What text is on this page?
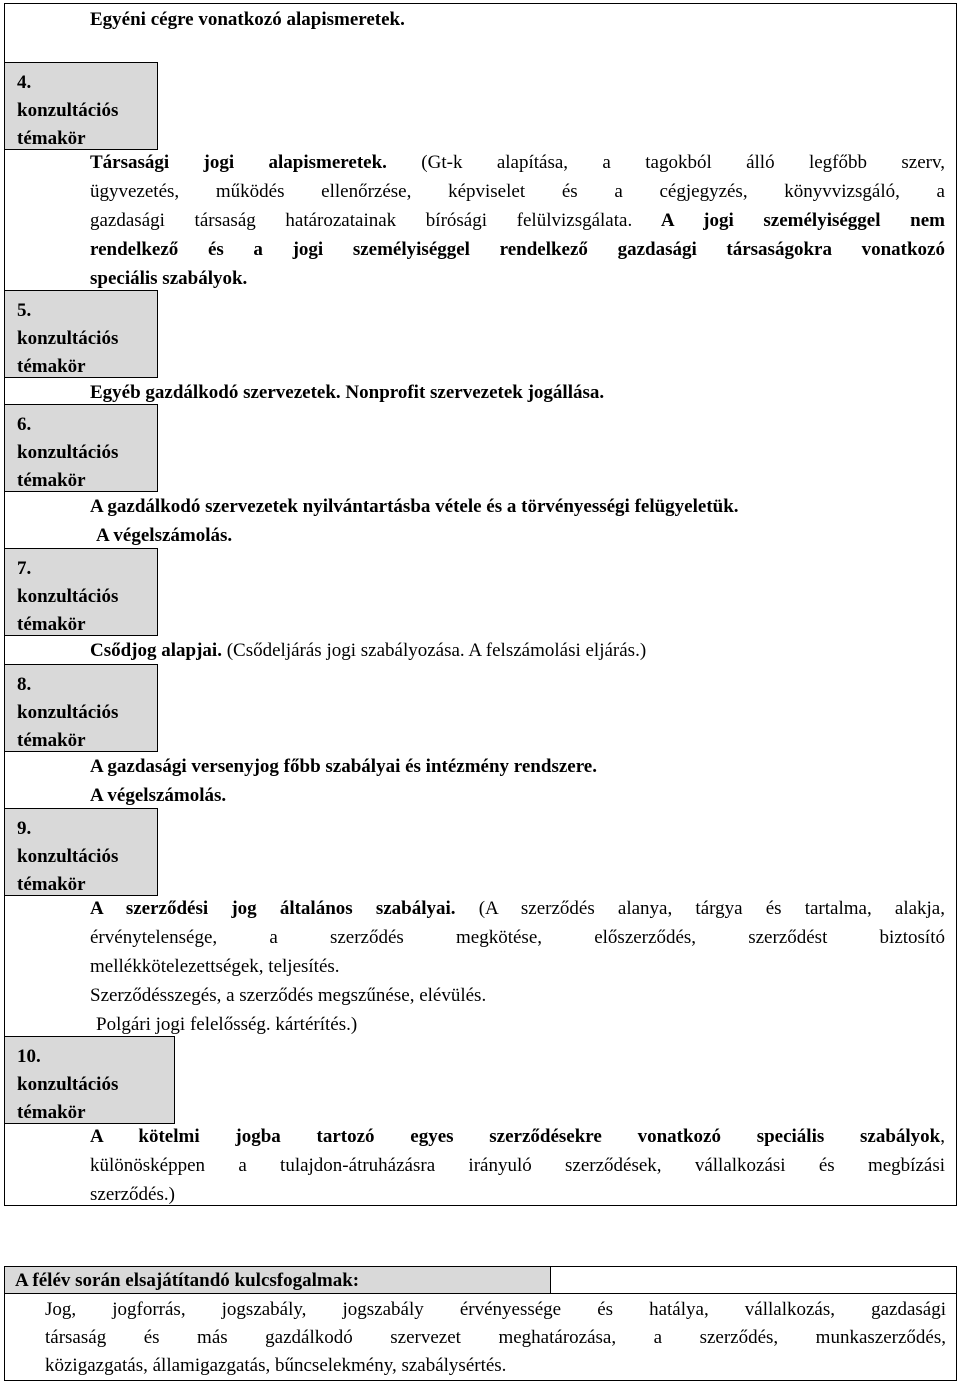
Egyéni cégre vonatkozó alapismeretek.
4.
konzultációs
témakör
5.
konzultációs
témakör
6.
konzultációs
témakör
7.
konzultációs
témakör
8.
konzultációs
témakör
9.
konzultációs
témakör
10.
konzultációs
témakör
Társasági jogi alapismeretek. (Gt-k alapítása, a tagokból álló legfőbb szerv,
ügyvezetés, működés ellenőrzése, képviselet és a cégjegyzés, könyvvizsgáló, a
gazdasági társaság határozatainak bírósági felülvizsgálata. A jogi személyiséggel nem
rendelkező és a jogi személyiséggel rendelkező gazdasági társaságokra vonatkozó
speciális szabályok.
Egyéb gazdálkodó szervezetek. Nonprofit szervezetek jogállása.
A gazdálkodó szervezetek nyilvántartásba vétele és a törvényességi felügyeletük.
A végelszámolás.
Csődjog alapjai. (Csődeljárás jogi szabályozása. A felszámolási eljárás.)
A gazdasági versenyjog főbb szabályai és intézmény rendszere.
A végelszámolás.
A szerződési jog általános szabályai. (A szerződés alanya, tárgya és tartalma, alakja,
érvénytelensége, a szerződés megkötése, előszerződés, szerződést biztosító
mellékkötelezettségek, teljesítés.
Szerződésszegés, a szerződés megszűnése, elévülés.
Polgári jogi felelősség. kártérítés.)
A kötelmi jogba tartozó egyes szerződésekre vonatkozó speciális szabályok,
különösképpen a tulajdon-átruházásra irányuló szerződések, vállalkozási és megbízási
szerződés.)
A félév során elsajátítandó kulcsfogalmak:
Jog, jogforrás, jogszabály, jogszabály érvényessége és hatálya, vállalkozás, gazdasági
társaság és más gazdálkodó szervezet meghatározása, a szerződés, munkaszerződés,
közigazgatás, államigazgatás, bűncselekmény, szabálysértés.
